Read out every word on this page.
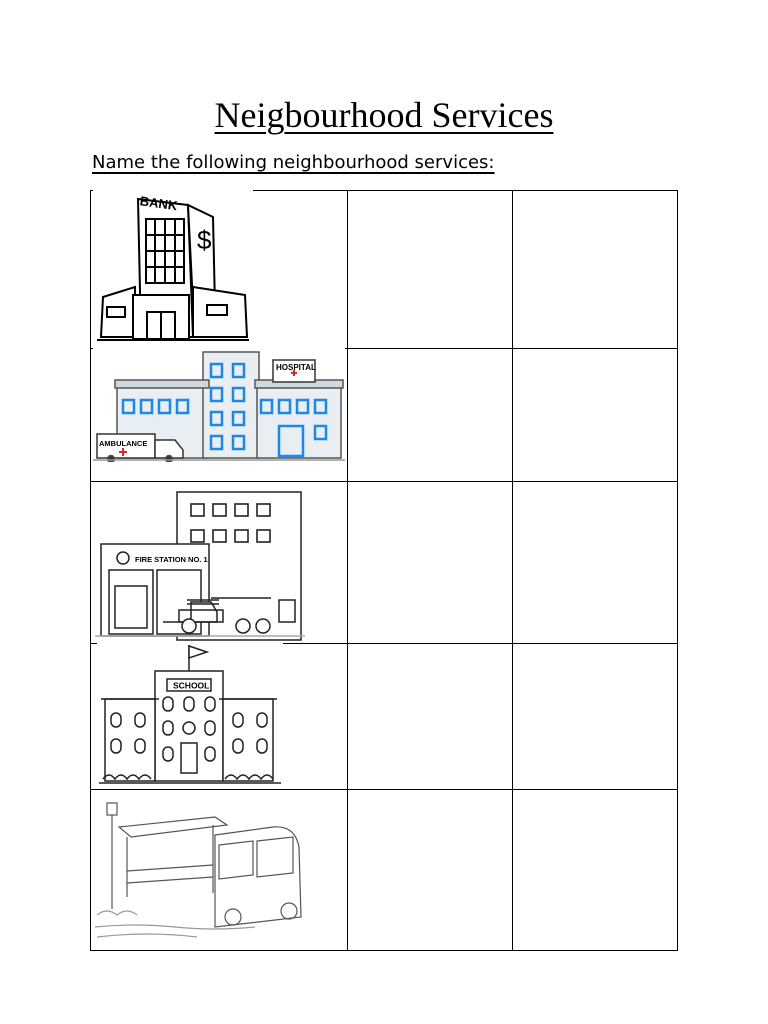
Neigbourhood Services
Name the following neighbourhood services:
BANK
$
HOSPITAL
AMBULANCE
FIRE STATION NO. 1
SCHOOL
